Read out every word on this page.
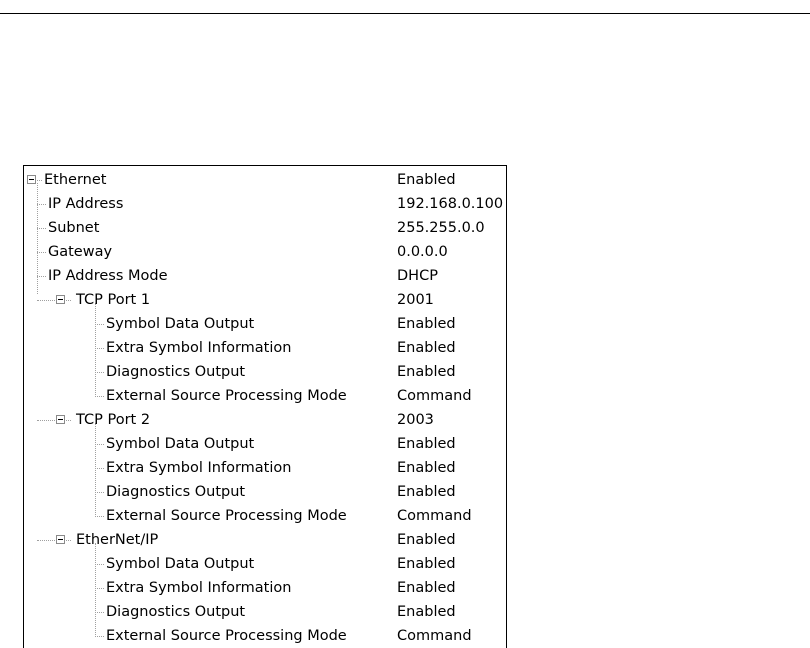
Ethernet	Enabled
IP Address	192.168.0.100
Subnet	255.255.0.0
Gateway	0.0.0.0
IP Address Mode	DHCP
TCP Port 1	2001
Symbol Data Output	Enabled
Extra Symbol Information	Enabled
Diagnostics Output	Enabled
External Source Processing Mode	Command
TCP Port 2	2003
Symbol Data Output	Enabled
Extra Symbol Information	Enabled
Diagnostics Output	Enabled
External Source Processing Mode	Command
EtherNet/IP	Enabled
Symbol Data Output	Enabled
Extra Symbol Information	Enabled
Diagnostics Output	Enabled
External Source Processing Mode	Command
